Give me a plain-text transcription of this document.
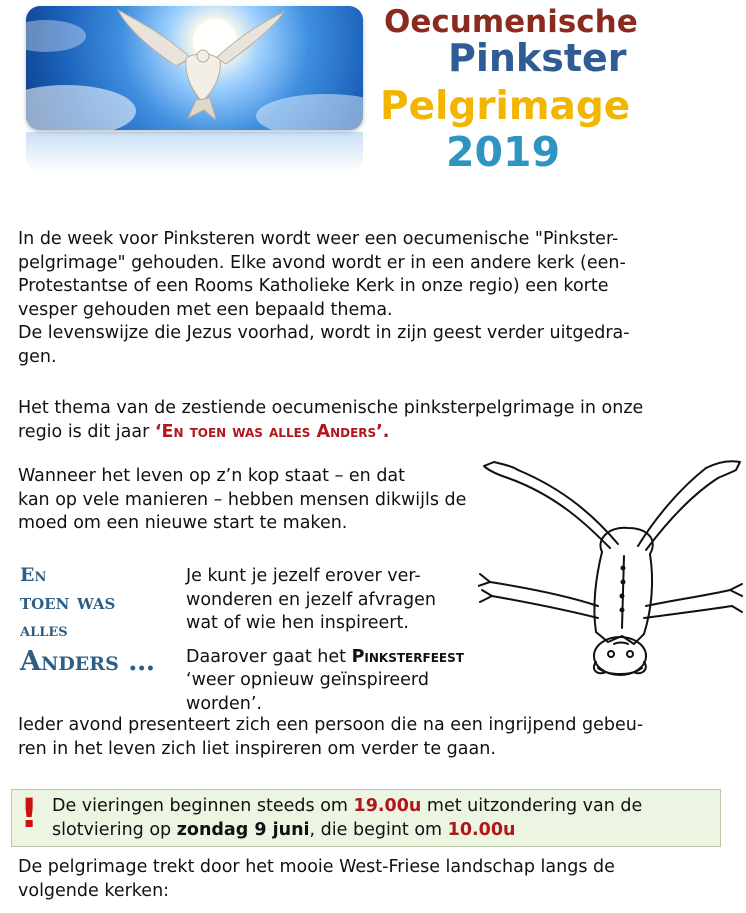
Oecumenische
Pinkster
Pelgrimage
2019
In de week voor Pinksteren wordt weer een oecumenische "Pinkster-
pelgrimage" gehouden. Elke avond wordt er in een andere kerk (een-
Protestantse of een Rooms Katholieke Kerk in onze regio) een korte
vesper gehouden met een bepaald thema.
De levenswijze die Jezus voorhad, wordt in zijn geest verder uitgedra-
gen.
Het thema van de zestiende oecumenische pinksterpelgrimage in onze
regio is dit jaar ‘En toen was alles Anders’.
Wanneer het leven op z’n kop staat – en dat
kan op vele manieren – hebben mensen dikwijls de
moed om een nieuwe start te maken.
En
toen was
alles
Anders …
Je kunt je jezelf erover ver-
wonderen en jezelf afvragen
wat of wie hen inspireert.
Daarover gaat het Pinksterfeest
‘weer opnieuw geïnspireerd worden’.
Ieder avond presenteert zich een persoon die na een ingrijpend gebeu-
ren in het leven zich liet inspireren om verder te gaan.
! De vieringen beginnen steeds om 19.00u met uitzondering van de
slotviering op zondag 9 juni, die begint om 10.00u
De pelgrimage trekt door het mooie West-Friese landschap langs de
volgende kerken:
